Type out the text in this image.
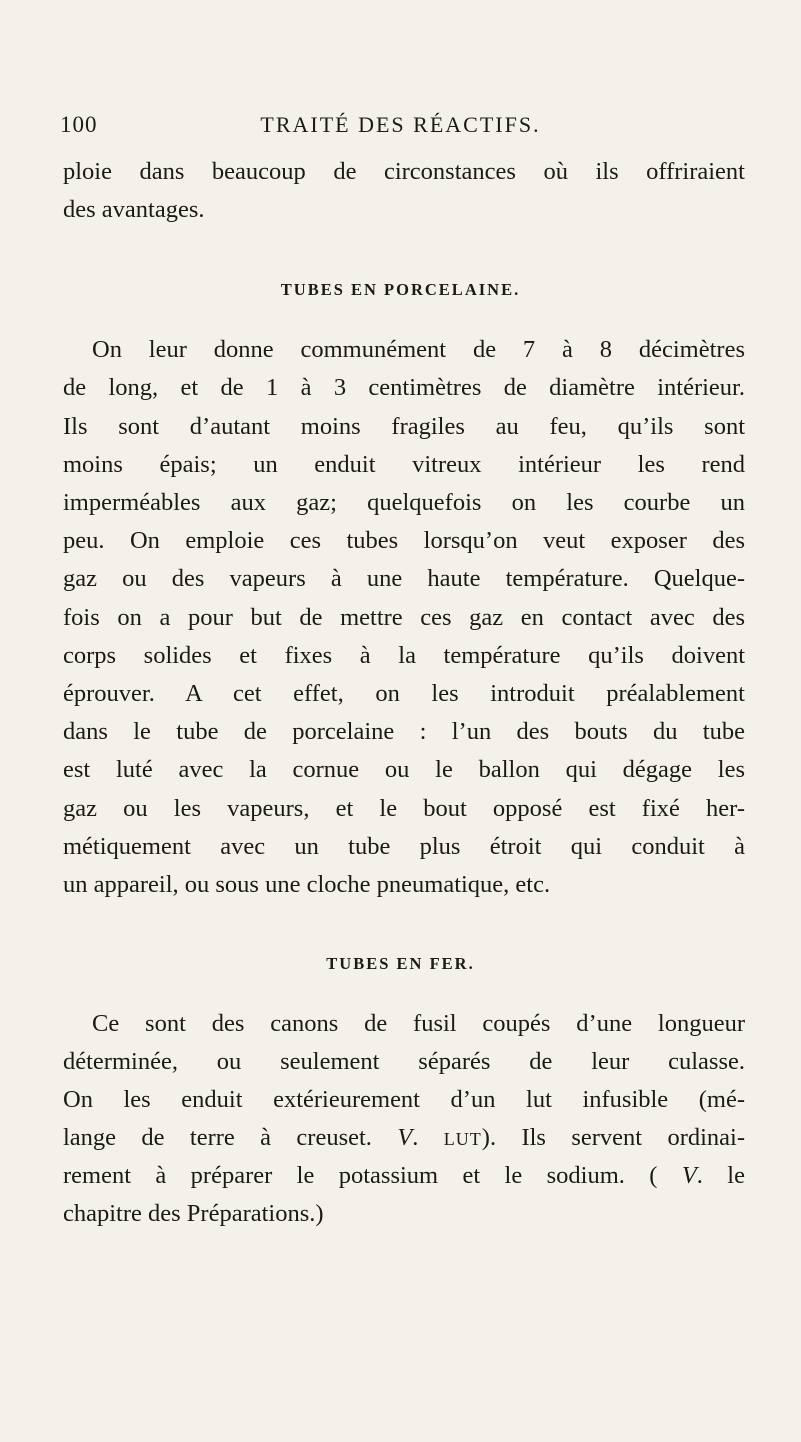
100	TRAITÉ DES RÉACTIFS.
ploie dans beaucoup de circonstances où ils offriraient
des avantages.
TUBES EN PORCELAINE.
On leur donne communément de 7 à 8 décimètres
de long, et de 1 à 3 centimètres de diamètre intérieur.
Ils sont d’autant moins fragiles au feu, qu’ils sont
moins épais; un enduit vitreux intérieur les rend
imperméables aux gaz; quelquefois on les courbe un
peu. On emploie ces tubes lorsqu’on veut exposer des
gaz ou des vapeurs à une haute température. Quelque-
fois on a pour but de mettre ces gaz en contact avec des
corps solides et fixes à la température qu’ils doivent
éprouver. A cet effet, on les introduit préalablement
dans le tube de porcelaine : l’un des bouts du tube
est luté avec la cornue ou le ballon qui dégage les
gaz ou les vapeurs, et le bout opposé est fixé her-
métiquement avec un tube plus étroit qui conduit à
un appareil, ou sous une cloche pneumatique, etc.
TUBES EN FER.
Ce sont des canons de fusil coupés d’une longueur
déterminée, ou seulement séparés de leur culasse.
On les enduit extérieurement d’un lut infusible (mé-
lange de terre à creuset. V. LUT). Ils servent ordinai-
rement à préparer le potassium et le sodium. ( V. le
chapitre des Préparations.)
